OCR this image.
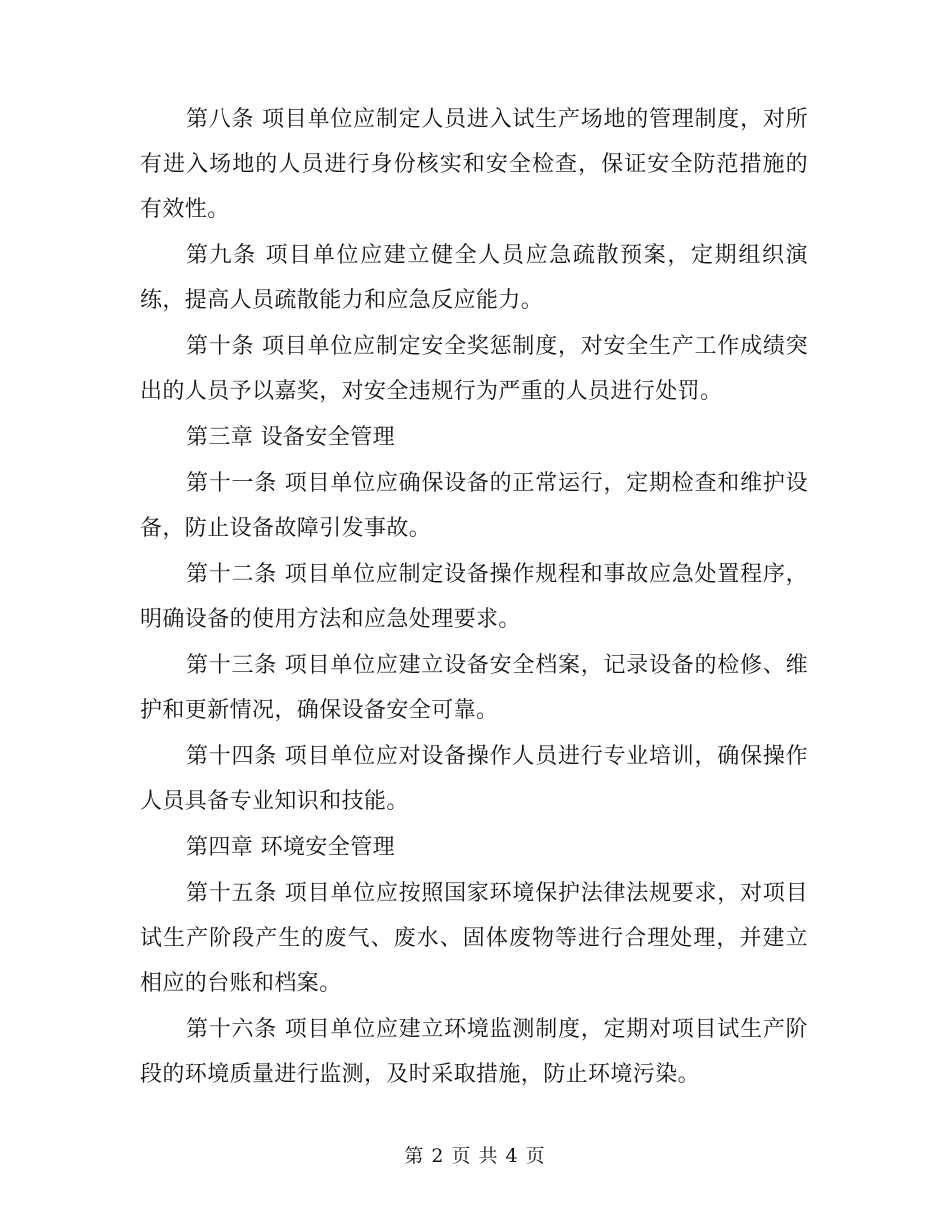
第八条 项目单位应制定人员进入试生产场地的管理制度，对所有进入场地的人员进行身份核实和安全检查，保证安全防范措施的有效性。

第九条 项目单位应建立健全人员应急疏散预案，定期组织演练，提高人员疏散能力和应急反应能力。

第十条 项目单位应制定安全奖惩制度，对安全生产工作成绩突出的人员予以嘉奖，对安全违规行为严重的人员进行处罚。

第三章 设备安全管理

第十一条 项目单位应确保设备的正常运行，定期检查和维护设备，防止设备故障引发事故。

第十二条 项目单位应制定设备操作规程和事故应急处置程序，明确设备的使用方法和应急处理要求。

第十三条 项目单位应建立设备安全档案，记录设备的检修、维护和更新情况，确保设备安全可靠。

第十四条 项目单位应对设备操作人员进行专业培训，确保操作人员具备专业知识和技能。

第四章 环境安全管理

第十五条 项目单位应按照国家环境保护法律法规要求，对项目试生产阶段产生的废气、废水、固体废物等进行合理处理，并建立相应的台账和档案。

第十六条 项目单位应建立环境监测制度，定期对项目试生产阶段的环境质量进行监测，及时采取措施，防止环境污染。

第 2 页 共 4 页
